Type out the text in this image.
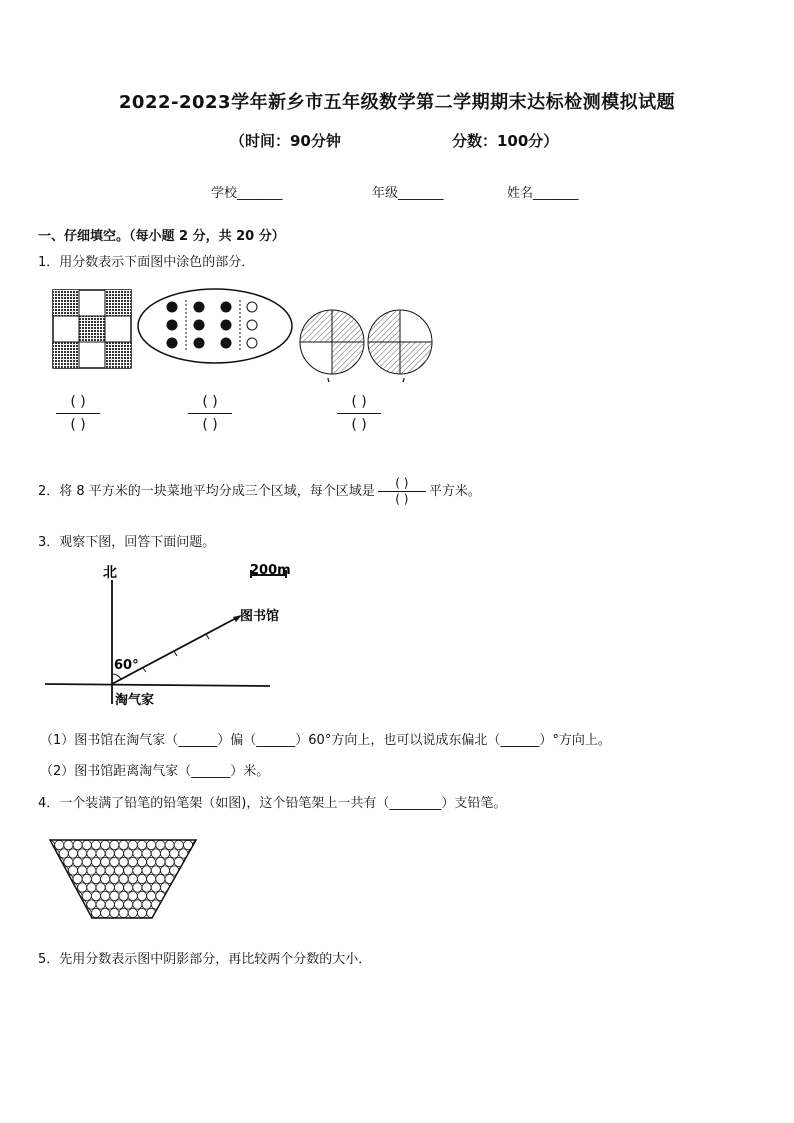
2022-2023学年新乡市五年级数学第二学期期末达标检测模拟试题
（时间：90分钟	分数：100分）
学校_______	年级_______	姓名_______
一、仔细填空。（每小题 2 分，共 20 分）
1．用分数表示下面图中涂色的部分．
( )
( )
( )
( )
( )
( )
2．将 8 平方米的一块菜地平均分成三个区域，每个区域是
( )
( )	平方米。
3．观察下图，回答下面问题。
200m
北
图书馆
淘气家
60°
（1）图书馆在淘气家（______）偏（______）60°方向上，也可以说成东偏北（______）°方向上。
（2）图书馆距离淘气家（______）米。
4．一个装满了铅笔的铅笔架（如图)，这个铅笔架上一共有（________）支铅笔。
5．先用分数表示图中阴影部分，再比较两个分数的大小．
